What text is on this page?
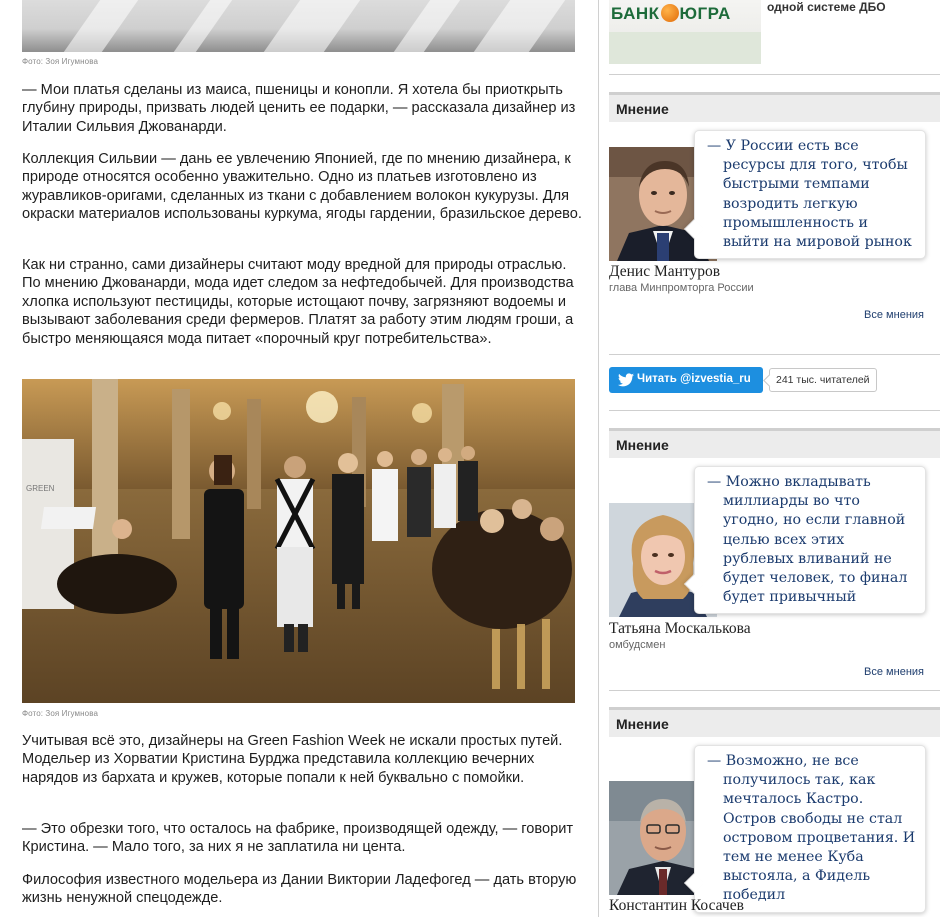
Фото: Зоя Игумнова

— Мои платья сделаны из маиса, пшеницы и конопли. Я хотела бы приоткрыть глубину природы, призвать людей ценить ее подарки, — рассказала дизайнер из Италии Сильвия Джованарди.

Коллекция Сильвии — дань ее увлечению Японией, где по мнению дизайнера, к природе относятся особенно уважительно. Одно из платьев изготовлено из журавликов-оригами, сделанных из ткани с добавлением волокон кукурузы. Для окраски материалов использованы куркума, ягоды гардении, бразильское дерево.

Как ни странно, сами дизайнеры считают моду вредной для природы отраслью. По мнению Джованарди, мода идет следом за нефтедобычей. Для производства хлопка используют пестициды, которые истощают почву, загрязняют водоемы и вызывают заболевания среди фермеров. Платят за работу этим людям гроши, а быстро меняющаяся мода питает «порочный круг потребительства».

GREEN
Фото: Зоя Игумнова

Учитывая всё это, дизайнеры на Green Fashion Week не искали простых путей. Модельер из Хорватии Кристина Бурджа представила коллекцию вечерних нарядов из бархата и кружев, которые попали к ней буквально с помойки.

— Это обрезки того, что осталось на фабрике, производящей одежду, — говорит Кристина. — Мало того, за них я не заплатила ни цента.

Философия известного модельера из Дании Виктории Ладефогед — дать вторую жизнь ненужной спецодежде.

БАНК ЮГРА	одной системе ДБО
Мнение

— У России есть все ресурсы для того, чтобы быстрыми темпами возродить легкую промышленность и выйти на мировой рынок

Денис Мантуров
глава Минпромторга России
Все мнения
Читать @izvestia_ru	241 тыс. читателей
Мнение

— Можно вкладывать миллиарды во что угодно, но если главной целью всех этих рублевых вливаний не будет человек, то финал будет привычный

Татьяна Москалькова
омбудсмен
Все мнения
Мнение

— Возможно, не все получилось так, как мечталось Кастро. Остров свободы не стал островом процветания. И тем не менее Куба выстояла, а Фидель победил

Константин Косачев
